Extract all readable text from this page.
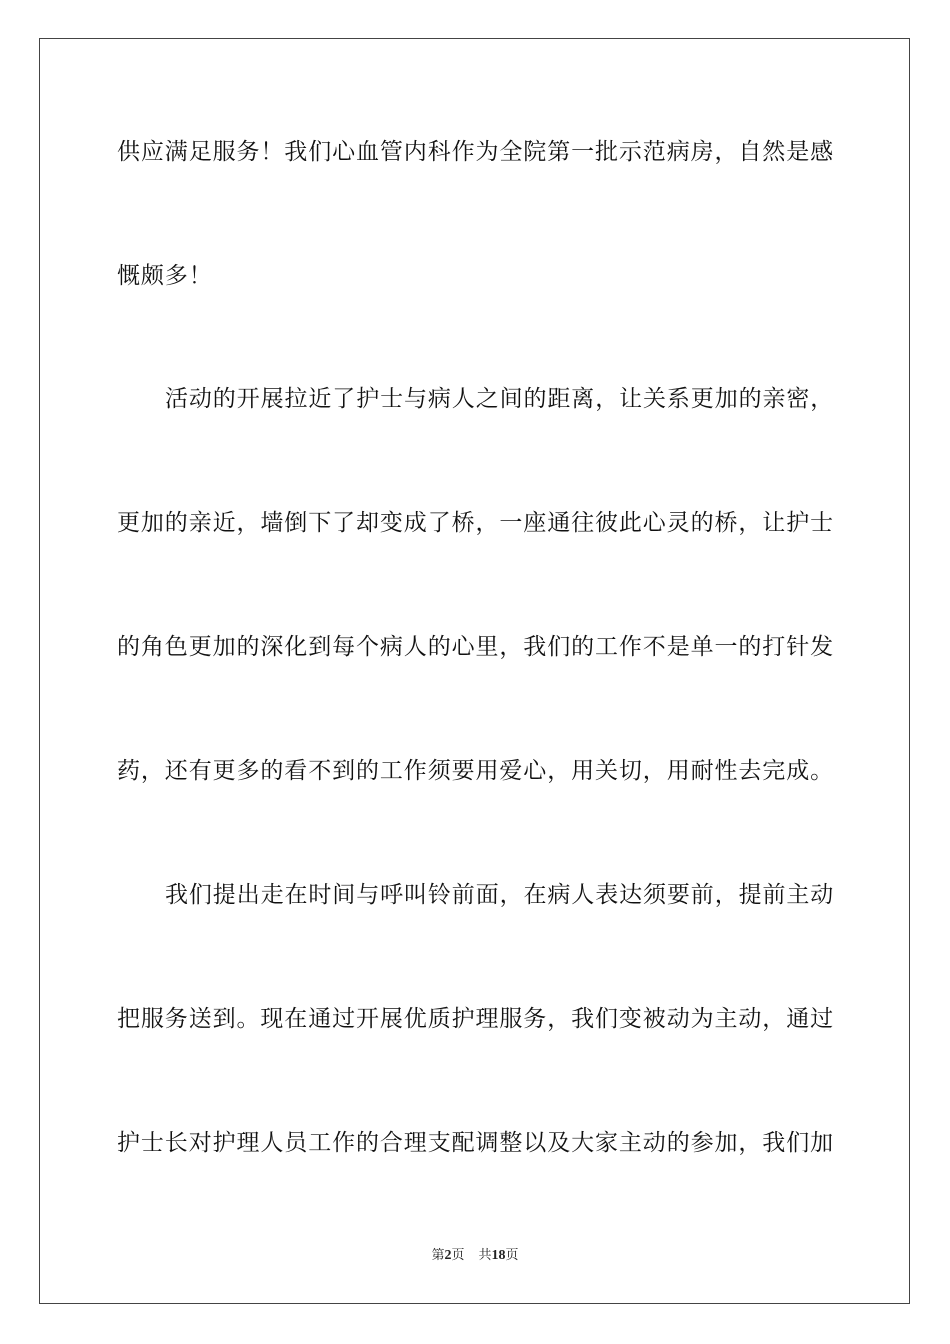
供应满足服务！我们心血管内科作为全院第一批示范病房，自然是感
慨颇多！
活动的开展拉近了护士与病人之间的距离，让关系更加的亲密，
更加的亲近，墙倒下了却变成了桥，一座通往彼此心灵的桥，让护士
的角色更加的深化到每个病人的心里，我们的工作不是单一的打针发
药，还有更多的看不到的工作须要用爱心，用关切，用耐性去完成。
我们提出走在时间与呼叫铃前面，在病人表达须要前，提前主动
把服务送到。现在通过开展优质护理服务，我们变被动为主动，通过
护士长对护理人员工作的合理支配调整以及大家主动的参加，我们加
第2页 共18页
